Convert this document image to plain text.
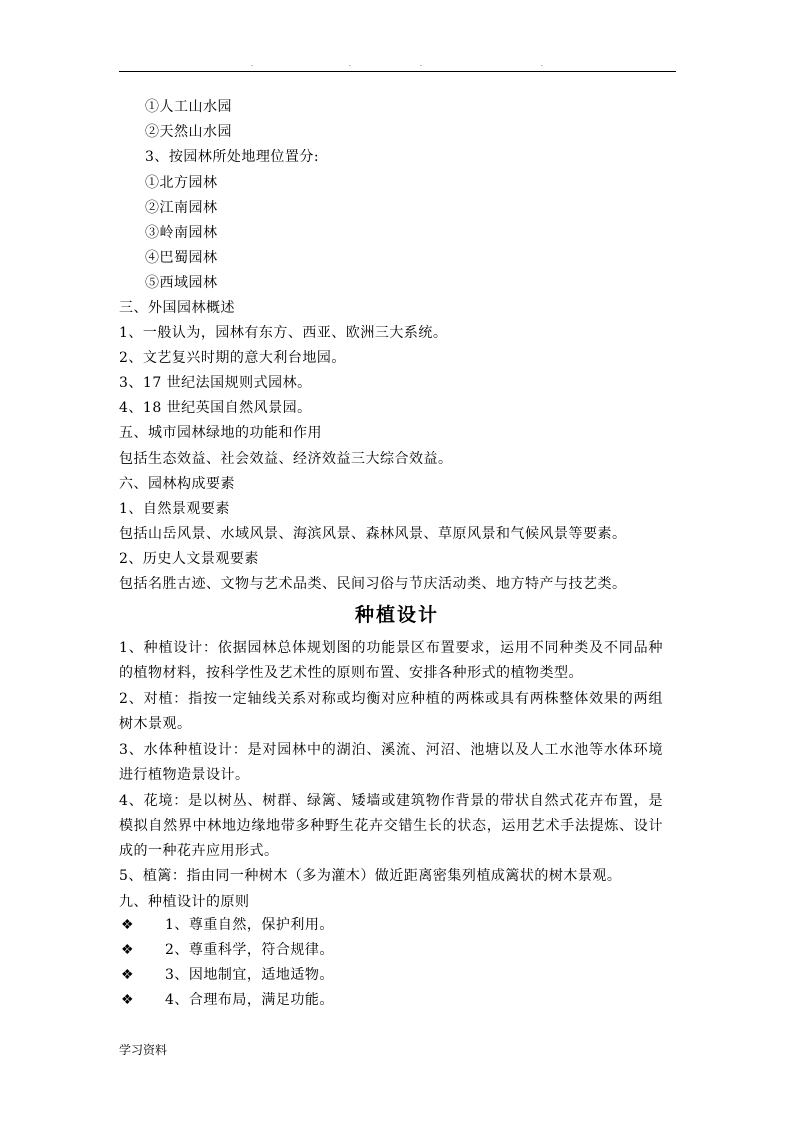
.	.	.	.
①人工山水园
②天然山水园
3、按园林所处地理位置分:
①北方园林
②江南园林
③岭南园林
④巴蜀园林
⑤西域园林
三、外国园林概述
1、一般认为，园林有东方、西亚、欧洲三大系统。
2、文艺复兴时期的意大利台地园。
3、17 世纪法国规则式园林。
4、18 世纪英国自然风景园。
五、城市园林绿地的功能和作用
包括生态效益、社会效益、经济效益三大综合效益。
六、园林构成要素
1、自然景观要素
包括山岳风景、水域风景、海滨风景、森林风景、草原风景和气候风景等要素。
2、历史人文景观要素
包括名胜古迹、文物与艺术品类、民间习俗与节庆活动类、地方特产与技艺类。
种植设计
1、种植设计：依据园林总体规划图的功能景区布置要求，运用不同种类及不同品种的植物材料，按科学性及艺术性的原则布置、安排各种形式的植物类型。
2、对植：指按一定轴线关系对称或均衡对应种植的两株或具有两株整体效果的两组树木景观。
3、水体种植设计：是对园林中的湖泊、溪流、河沼、池塘以及人工水池等水体环境进行植物造景设计。
4、花境：是以树丛、树群、绿篱、矮墙或建筑物作背景的带状自然式花卉布置，是模拟自然界中林地边缘地带多种野生花卉交错生长的状态，运用艺术手法提炼、设计成的一种花卉应用形式。
5、植篱：指由同一种树木（多为灌木）做近距离密集列植成篱状的树木景观。
九、种植设计的原则
❖ 1、尊重自然，保护利用。
❖ 2、尊重科学，符合规律。
❖ 3、因地制宜，适地适物。
❖ 4、合理布局，满足功能。
学习资料
